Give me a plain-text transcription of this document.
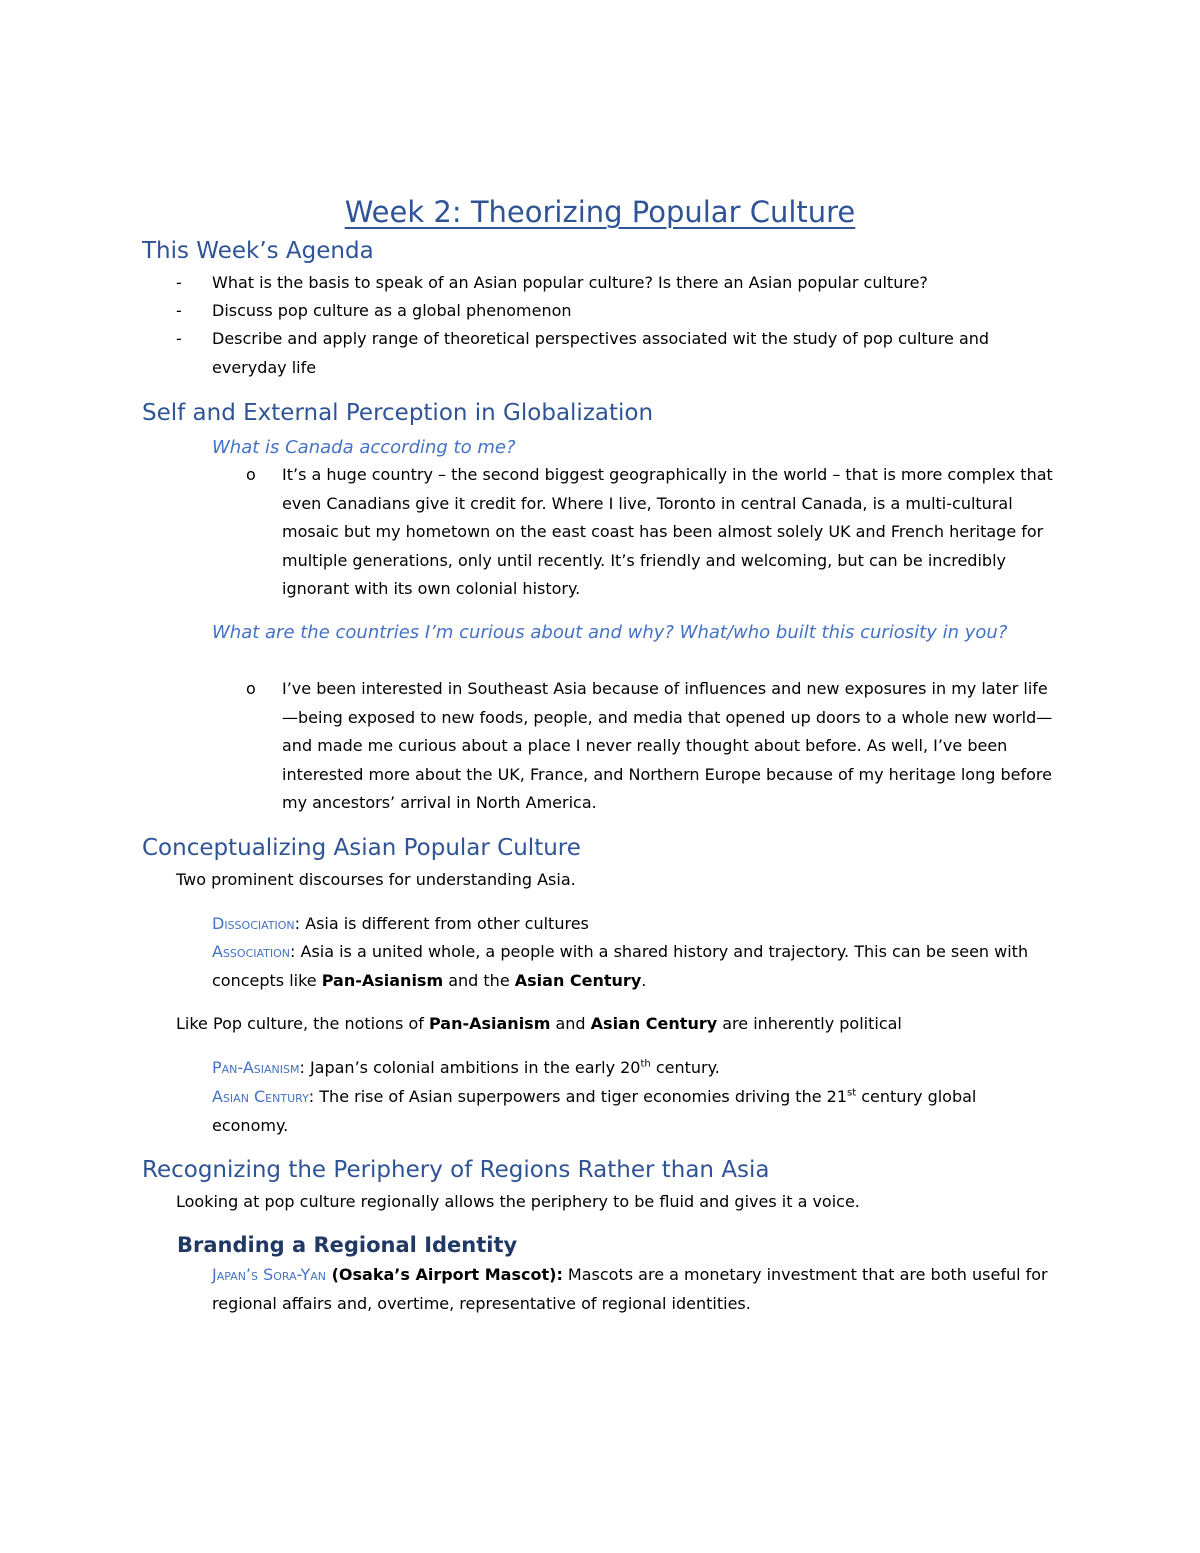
Week 2: Theorizing Popular Culture
This Week’s Agenda
- What is the basis to speak of an Asian popular culture? Is there an Asian popular culture?
- Discuss pop culture as a global phenomenon
- Describe and apply range of theoretical perspectives associated wit the study of pop culture and everyday life
Self and External Perception in Globalization
What is Canada according to me?
o It’s a huge country – the second biggest geographically in the world – that is more complex that even Canadians give it credit for. Where I live, Toronto in central Canada, is a multi-cultural mosaic but my hometown on the east coast has been almost solely UK and French heritage for multiple generations, only until recently. It’s friendly and welcoming, but can be incredibly ignorant with its own colonial history.
What are the countries I’m curious about and why? What/who built this curiosity in you?
o I’ve been interested in Southeast Asia because of influences and new exposures in my later life—being exposed to new foods, people, and media that opened up doors to a whole new world—and made me curious about a place I never really thought about before. As well, I’ve been interested more about the UK, France, and Northern Europe because of my heritage long before my ancestors’ arrival in North America.
Conceptualizing Asian Popular Culture
Two prominent discourses for understanding Asia.
Dissociation: Asia is different from other cultures
Association: Asia is a united whole, a people with a shared history and trajectory. This can be seen with concepts like Pan-Asianism and the Asian Century.
Like Pop culture, the notions of Pan-Asianism and Asian Century are inherently political
Pan-Asianism: Japan’s colonial ambitions in the early 20th century.
Asian Century: The rise of Asian superpowers and tiger economies driving the 21st century global economy.
Recognizing the Periphery of Regions Rather than Asia
Looking at pop culture regionally allows the periphery to be fluid and gives it a voice.
Branding a Regional Identity
Japan’s Sora-Yan (Osaka’s Airport Mascot): Mascots are a monetary investment that are both useful for regional affairs and, overtime, representative of regional identities.
